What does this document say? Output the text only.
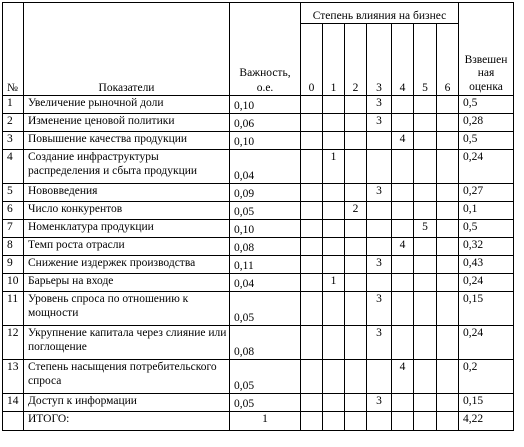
№	Показатели	Важность, о.е.	Степень влияния на бизнес							Взвешен ная оценка
			0	1	2	3	4	5	6	
1	Увеличение рыночной доли	0,10				3				0,5
2	Изменение ценовой политики	0,06				3				0,28
3	Повышение качества продукции	0,10					4			0,5
4	Создание инфраструктуры распределения и сбыта продукции	0,04		1						0,24
5	Нововведения	0,09				3				0,27
6	Число конкурентов	0,05			2					0,1
7	Номенклатура продукции	0,10						5		0,5
8	Темп роста отрасли	0,08					4			0,32
9	Снижение издержек производства	0,11				3				0,43
10	Барьеры на входе	0,04		1						0,24
11	Уровень спроса по отношению к мощности	0,05				3				0,15
12	Укрупнение капитала через слияние или поглощение	0,08				3				0,24
13	Степень насыщения потребительского спроса	0,05					4			0,2
14	Доступ к информации	0,05				3				0,15
	ИТОГО:	1								4,22
